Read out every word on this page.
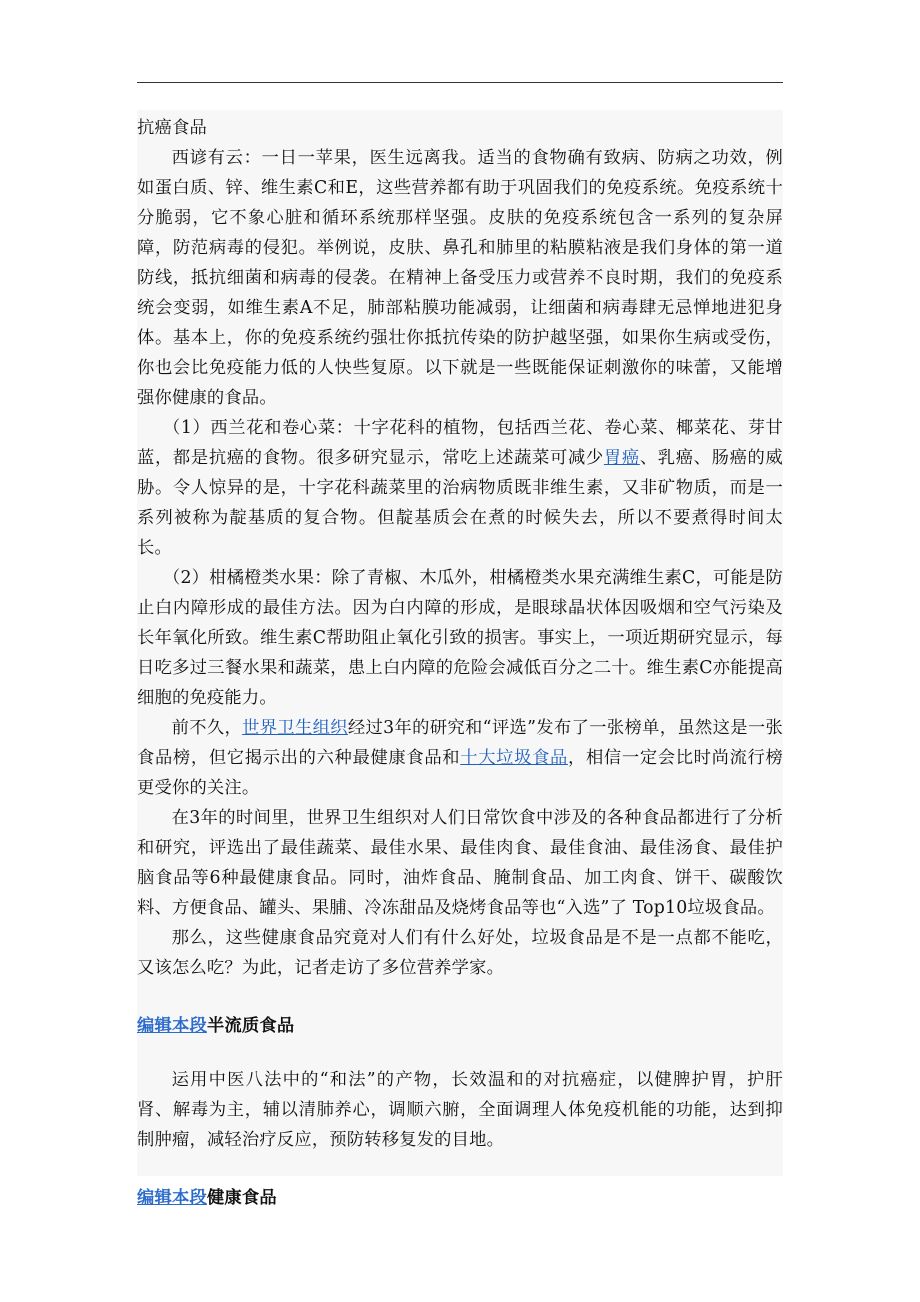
抗癌食品

西谚有云：一日一苹果，医生远离我。适当的食物确有致病、防病之功效，例如蛋白质、锌、维生素C和E，这些营养都有助于巩固我们的免疫系统。免疫系统十分脆弱，它不象心脏和循环系统那样坚强。皮肤的免疫系统包含一系列的复杂屏障，防范病毒的侵犯。举例说，皮肤、鼻孔和肺里的粘膜粘液是我们身体的第一道防线，抵抗细菌和病毒的侵袭。在精神上备受压力或营养不良时期，我们的免疫系统会变弱，如维生素A不足，肺部粘膜功能减弱，让细菌和病毒肆无忌惮地进犯身体。基本上，你的免疫系统约强壮你抵抗传染的防护越坚强，如果你生病或受伤，你也会比免疫能力低的人快些复原。以下就是一些既能保证刺激你的味蕾，又能增强你健康的食品。

（1）西兰花和卷心菜：十字花科的植物，包括西兰花、卷心菜、椰菜花、芽甘蓝，都是抗癌的食物。很多研究显示，常吃上述蔬菜可减少胃癌、乳癌、肠癌的威胁。令人惊异的是，十字花科蔬菜里的治病物质既非维生素，又非矿物质，而是一系列被称为靛基质的复合物。但靛基质会在煮的时候失去，所以不要煮得时间太长。

（2）柑橘橙类水果：除了青椒、木瓜外，柑橘橙类水果充满维生素C，可能是防止白内障形成的最佳方法。因为白内障的形成，是眼球晶状体因吸烟和空气污染及长年氧化所致。维生素C帮助阻止氧化引致的损害。事实上，一项近期研究显示，每日吃多过三餐水果和蔬菜，患上白内障的危险会减低百分之二十。维生素C亦能提高细胞的免疫能力。

前不久，世界卫生组织经过3年的研究和“评选”发布了一张榜单，虽然这是一张食品榜，但它揭示出的六种最健康食品和十大垃圾食品，相信一定会比时尚流行榜更受你的关注。

在3年的时间里，世界卫生组织对人们日常饮食中涉及的各种食品都进行了分析和研究，评选出了最佳蔬菜、最佳水果、最佳肉食、最佳食油、最佳汤食、最佳护脑食品等6种最健康食品。同时，油炸食品、腌制食品、加工肉食、饼干、碳酸饮料、方便食品、罐头、果脯、冷冻甜品及烧烤食品等也“入选”了 Top10垃圾食品。

那么，这些健康食品究竟对人们有什么好处，垃圾食品是不是一点都不能吃，又该怎么吃？为此，记者走访了多位营养学家。

编辑本段半流质食品

运用中医八法中的“和法”的产物，长效温和的对抗癌症，以健脾护胃，护肝肾、解毒为主，辅以清肺养心，调顺六腑，全面调理人体免疫机能的功能，达到抑制肿瘤，减轻治疗反应，预防转移复发的目地。

编辑本段健康食品
